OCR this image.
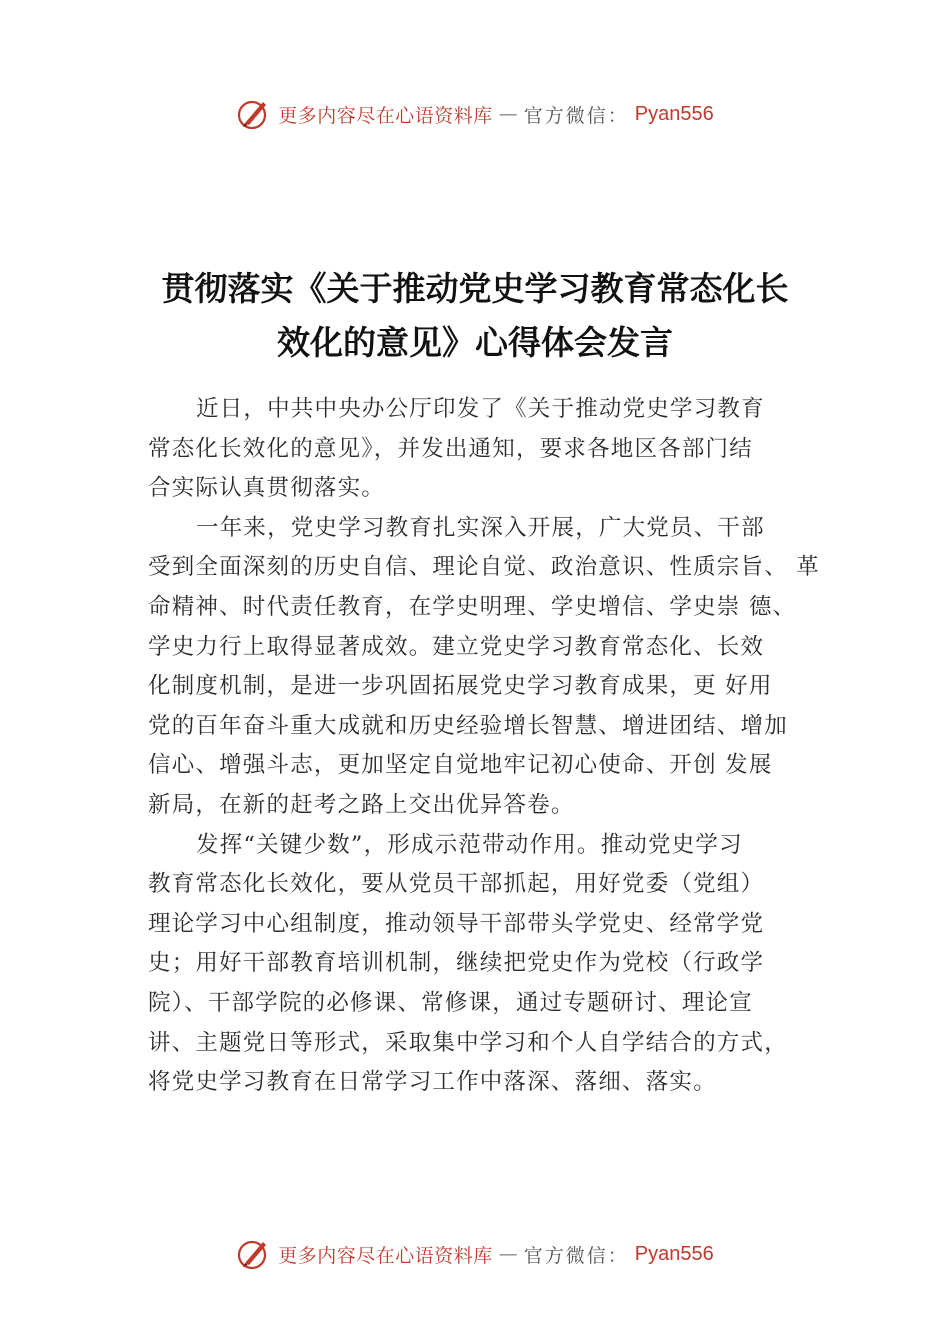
更多内容尽在心语资料库 — 官方微信： Pyan556
贯彻落实《关于推动党史学习教育常态化长
效化的意见》心得体会发言
近日，中共中央办公厅印发了《关于推动党史学习教育
常态化长效化的意见》，并发出通知，要求各地区各部门结
合实际认真贯彻落实。
一年来，党史学习教育扎实深入开展，广大党员、干部
受到全面深刻的历史自信、理论自觉、政治意识、性质宗旨、 革
命精神、时代责任教育，在学史明理、学史增信、学史崇 德、
学史力行上取得显著成效。建立党史学习教育常态化、长效
化制度机制，是进一步巩固拓展党史学习教育成果，更 好用
党的百年奋斗重大成就和历史经验增长智慧、增进团结、增加
信心、增强斗志，更加坚定自觉地牢记初心使命、开创 发展
新局，在新的赶考之路上交出优异答卷。
发挥“关键少数”，形成示范带动作用。推动党史学习
教育常态化长效化，要从党员干部抓起，用好党委（党组）
理论学习中心组制度，推动领导干部带头学党史、经常学党
史；用好干部教育培训机制，继续把党史作为党校（行政学
院）、干部学院的必修课、常修课，通过专题研讨、理论宣
讲、主题党日等形式，采取集中学习和个人自学结合的方式，
将党史学习教育在日常学习工作中落深、落细、落实。
更多内容尽在心语资料库 — 官方微信： Pyan556
